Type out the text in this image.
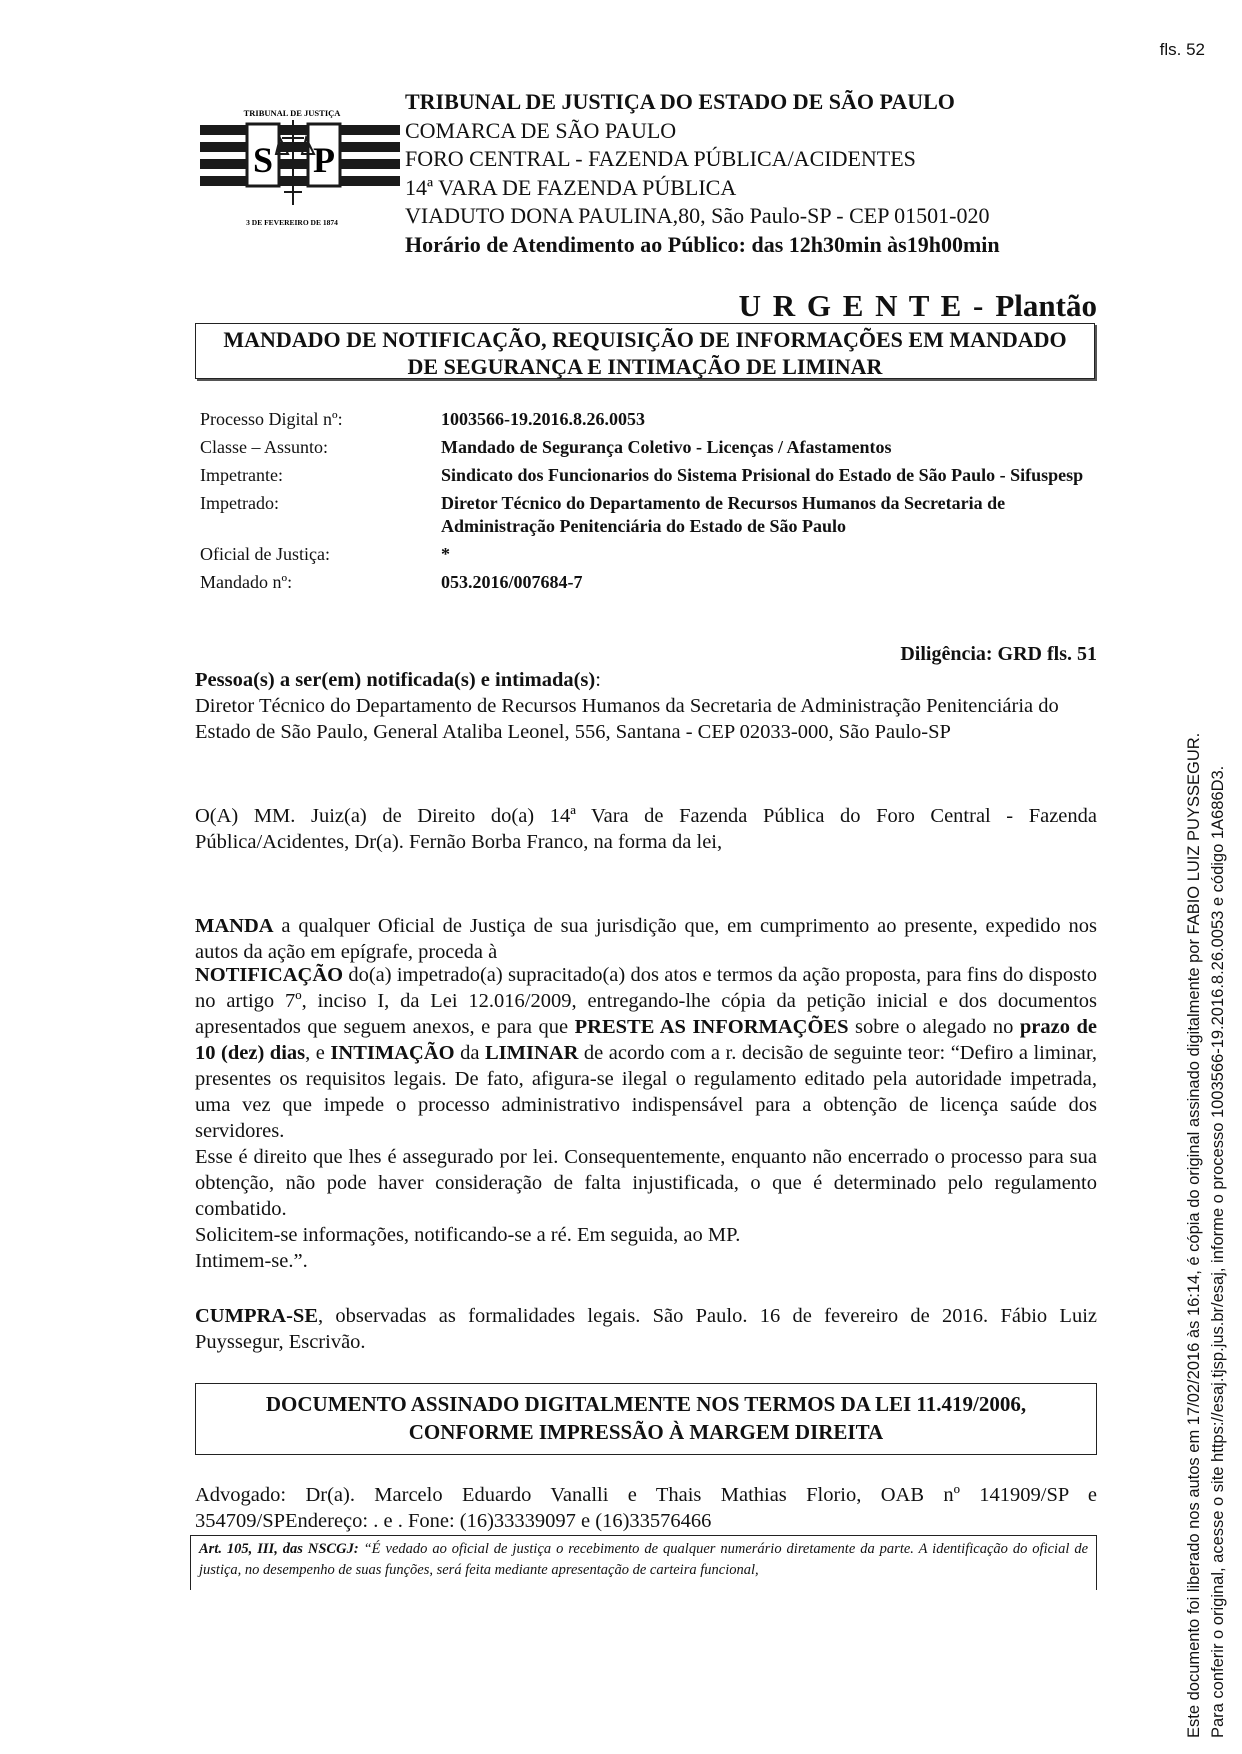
fls. 52
TRIBUNAL DE JUSTIÇA
S P
3 DE FEVEREIRO DE 1874
TRIBUNAL DE JUSTIÇA DO ESTADO DE SÃO PAULO
COMARCA DE SÃO PAULO
FORO CENTRAL - FAZENDA PÚBLICA/ACIDENTES
14ª VARA DE FAZENDA PÚBLICA
VIADUTO DONA PAULINA,80, São Paulo-SP - CEP 01501-020
Horário de Atendimento ao Público: das 12h30min às19h00min
U R G E N T E - Plantão
MANDADO DE NOTIFICAÇÃO, REQUISIÇÃO DE INFORMAÇÕES EM MANDADO
DE SEGURANÇA E INTIMAÇÃO DE LIMINAR
Processo Digital nº:	1003566-19.2016.8.26.0053
Classe – Assunto:	Mandado de Segurança Coletivo - Licenças / Afastamentos
Impetrante:	Sindicato dos Funcionarios do Sistema Prisional do Estado de São Paulo - Sifuspesp
Impetrado:	Diretor Técnico do Departamento de Recursos Humanos da Secretaria de Administração Penitenciária do Estado de São Paulo
Oficial de Justiça:	*
Mandado nº:	053.2016/007684-7
Diligência: GRD fls. 51
Pessoa(s) a ser(em) notificada(s) e intimada(s):
Diretor Técnico do Departamento de Recursos Humanos da Secretaria de Administração Penitenciária do Estado de São Paulo, General Ataliba Leonel, 556, Santana - CEP 02033-000, São Paulo-SP
O(A) MM. Juiz(a) de Direito do(a) 14ª Vara de Fazenda Pública do Foro Central - Fazenda Pública/Acidentes, Dr(a). Fernão Borba Franco, na forma da lei,
MANDA a qualquer Oficial de Justiça de sua jurisdição que, em cumprimento ao presente, expedido nos autos da ação em epígrafe, proceda à
NOTIFICAÇÃO do(a) impetrado(a) supracitado(a) dos atos e termos da ação proposta, para fins do disposto no artigo 7º, inciso I, da Lei 12.016/2009, entregando-lhe cópia da petição inicial e dos documentos apresentados que seguem anexos, e para que PRESTE AS INFORMAÇÕES sobre o alegado no prazo de 10 (dez) dias, e INTIMAÇÃO da LIMINAR de acordo com a r. decisão de seguinte teor: “Defiro a liminar, presentes os requisitos legais. De fato, afigura-se ilegal o regulamento editado pela autoridade impetrada, uma vez que impede o processo administrativo indispensável para a obtenção de licença saúde dos servidores.
Esse é direito que lhes é assegurado por lei. Consequentemente, enquanto não encerrado o processo para sua obtenção, não pode haver consideração de falta injustificada, o que é determinado pelo regulamento combatido.
Solicitem-se informações, notificando-se a ré. Em seguida, ao MP.
Intimem-se.”.
CUMPRA-SE, observadas as formalidades legais. São Paulo. 16 de fevereiro de 2016. Fábio Luiz Puyssegur, Escrivão.
DOCUMENTO ASSINADO DIGITALMENTE NOS TERMOS DA LEI 11.419/2006,
CONFORME IMPRESSÃO À MARGEM DIREITA
Advogado: Dr(a). Marcelo Eduardo Vanalli e Thais Mathias Florio, OAB nº 141909/SP e 354709/SPEndereço: . e . Fone: (16)33339097 e (16)33576466
Art. 105, III, das NSCGJ: “É vedado ao oficial de justiça o recebimento de qualquer numerário diretamente da parte. A identificação do oficial de justiça, no desempenho de suas funções, será feita mediante apresentação de carteira funcional,	Este documento foi liberado nos autos em 17/02/2016 às 16:14, é cópia do original assinado digitalmente por FABIO LUIZ PUYSSEGUR. Para conferir o original, acesse o site https://esaj.tjsp.jus.br/esaj, informe o processo 1003566-19.2016.8.26.0053 e código 1A686D3.
